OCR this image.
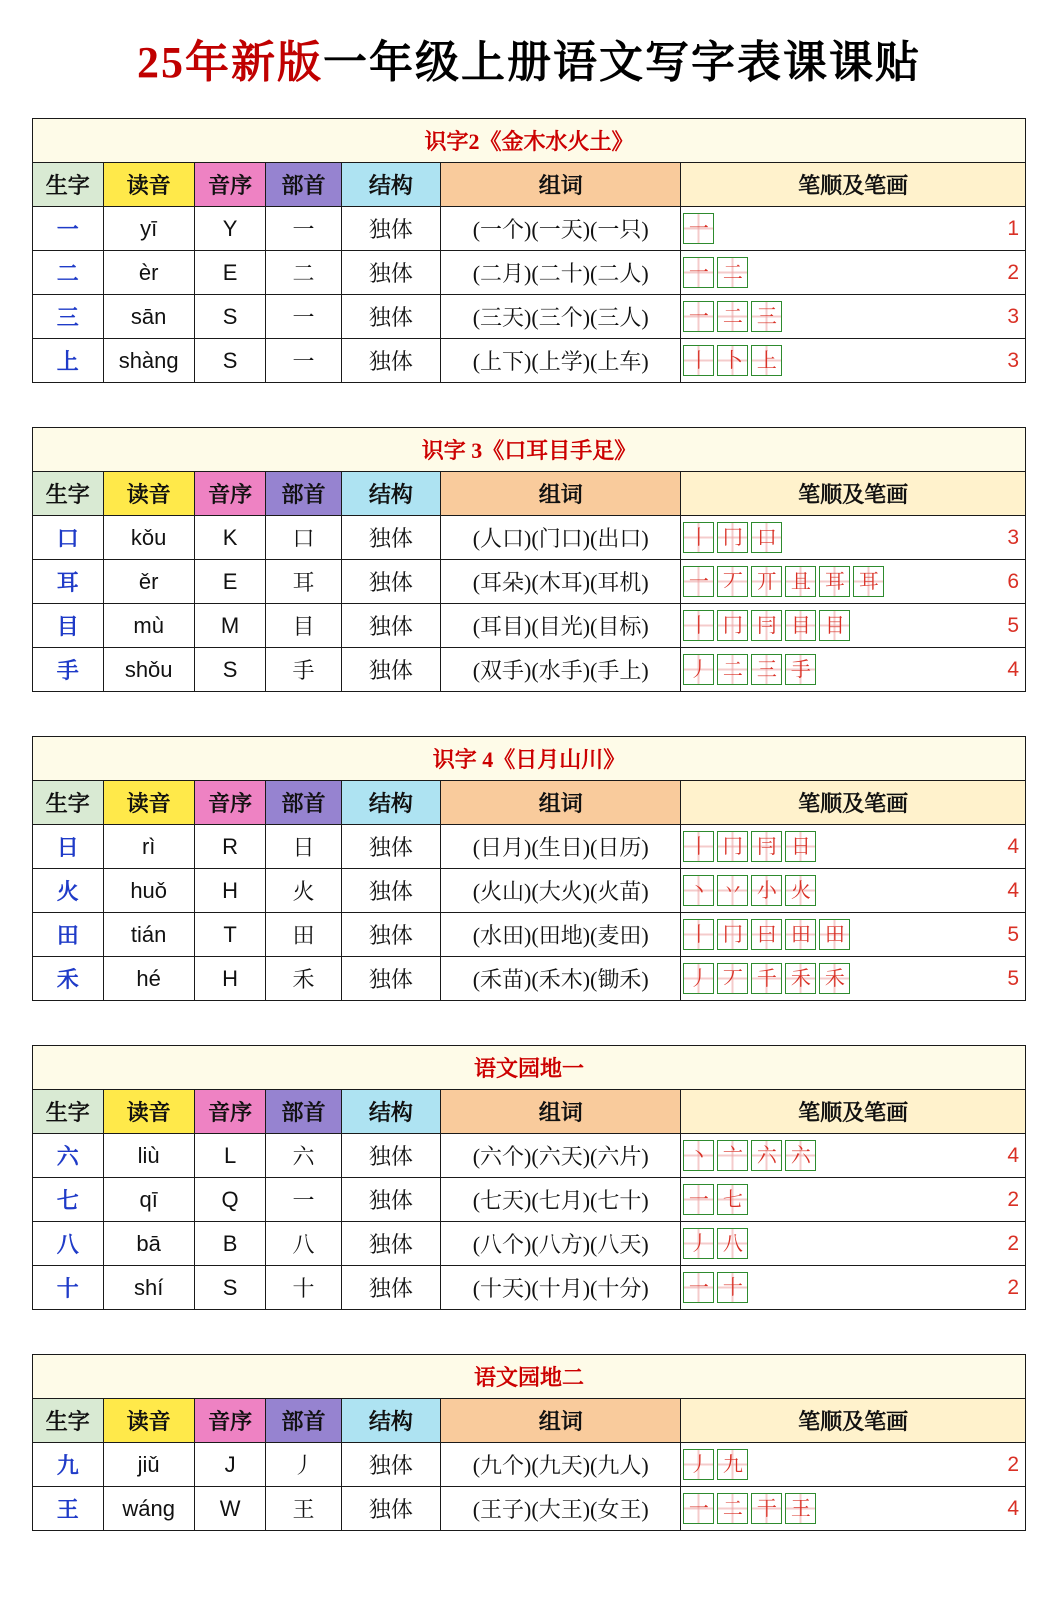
25年新版一年级上册语文写字表课课贴
识字2《金木水火土》						
生字	读音	音序	部首	结构	组词	笔顺及笔画
一	yī	Y	一	独体	(一个)(一天)(一只)	一 1

二	èr	E	二	独体	(二月)(二十)(二人)	一 二 2

三	sān	S	一	独体	(三天)(三个)(三人)	一 二 三 3

上	shàng	S	一	独体	(上下)(上学)(上车)	丨 卜 上 3
识字 3《口耳目手足》						
生字	读音	音序	部首	结构	组词	笔顺及笔画
口	kǒu	K	口	独体	(人口)(门口)(出口)	丨 冂 口 3

耳	ěr	E	耳	独体	(耳朵)(木耳)(耳机)	一 丆 丌 且 耳 耳	6

目	mù	M	目	独体	(耳目)(目光)(目标)	丨 冂 冃 目 目	5

手	shǒu	S	手	独体	(双手)(水手)(手上)	丿 二 三 手 4
识字 4《日月山川》						
生字	读音	音序	部首	结构	组词	笔顺及笔画
日	rì	R	日	独体	(日月)(生日)(日历)	丨 冂 冃 日 4

火	huǒ	H	火	独体	(火山)(大火)(火苗)	丶 丷 小 火 4

田	tián	T	田	独体	(水田)(田地)(麦田)	丨 冂 曰 田 田	5

禾	hé	H	禾	独体	(禾苗)(禾木)(锄禾)	丿 丆 千 禾 禾	5
语文园地一						
生字	读音	音序	部首	结构	组词	笔顺及笔画
六	liù	L	六	独体	(六个)(六天)(六片)	丶 亠 六 六 4

七	qī	Q	一	独体	(七天)(七月)(七十)	一 七 2

八	bā	B	八	独体	(八个)(八方)(八天)	丿 八 2

十	shí	S	十	独体	(十天)(十月)(十分)	一 十 2
语文园地二						
生字	读音	音序	部首	结构	组词	笔顺及笔画
九	jiǔ	J	丿	独体	(九个)(九天)(九人)	丿 九 2

王	wáng	W	王	独体	(王子)(大王)(女王)	一 二 干 王 4
